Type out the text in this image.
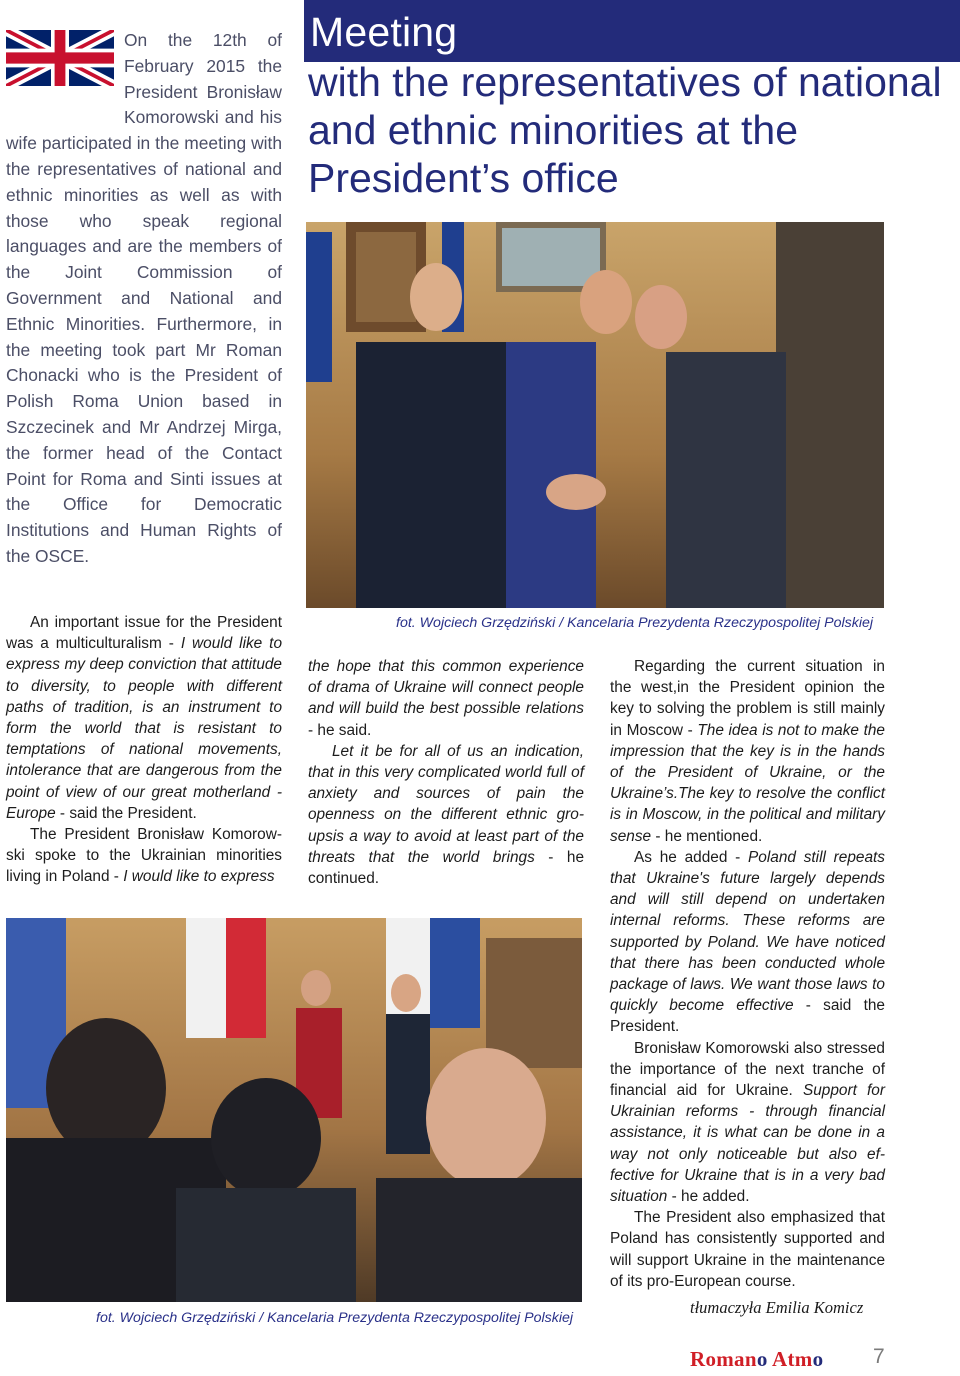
On the 12th of February 2015 the President Bronisław Komorowski and his wife participated in the meeting with the representatives of national and ethnic minorities as well as with those who speak regional languages and are the members of the Joint Commission of Government and National and Ethnic Minorities. Furthermore, in the meeting took part Mr Roman Chonacki who is the President of Polish Roma Union based in Szczecinek and Mr Andrzej Mirga, the former head of the Contact Point for Roma and Sinti issues at the Office for Democratic Institutions and Human Rights of the OSCE.
Meeting
with the representatives of national and ethnic minorities at the President’s office
fot. Wojciech Grzędziński / Kancelaria Prezydenta Rzeczypospolitej Polskiej

An important issue for the President was a multiculturalism - I would like to express my deep conviction that attitude to diversity, to people with different paths of tradition, is an instrument to form the world that is resistant to temptations of national movements, intolerance that are dangerous from the point of view of our great motherland - Europe - said the President.

The President Bronisław Komorowski spoke to the Ukrainian minorities living in Poland - I would like to express

the hope that this common experience of drama of Ukraine will connect people and will build the best possible relations - he said.

Let it be for all of us an indication, that in this very complicated world full of anxiety and sources of pain the openness on the different ethnic groupsis a way to avoid at least part of the threats that the world brings - he continued.

Regarding the current situation in the west,in the President opinion the key to solving the problem is still mainly in Moscow - The idea is not to make the impression that the key is in the hands of the President of Ukraine, or the Ukraine’s.The key to resolve the conflict is in Moscow, in the political and military sense - he mentioned.

As he added - Poland still repeats that Ukraine's future largely depends and will still depend on undertaken internal reforms. These reforms are supported by Poland. We have noticed that there has been conducted whole package of laws. We want those laws to quickly become effective - said the President.

Bronisław Komorowski also stressed the importance of the next tranche of financial aid for Ukraine. Support for Ukrainian reforms - through financial assistance, it is what can be done in a way not only noticeable but also effective for Ukraine that is in a very bad situation - he added.

The President also emphasized that Poland has consistently supported and will support Ukraine in the maintenance of its pro-European course.

fot. Wojciech Grzędziński / Kancelaria Prezydenta Rzeczypospolitej Polskiej
tłumaczyła Emilia Komicz
Romano Atmo 7
